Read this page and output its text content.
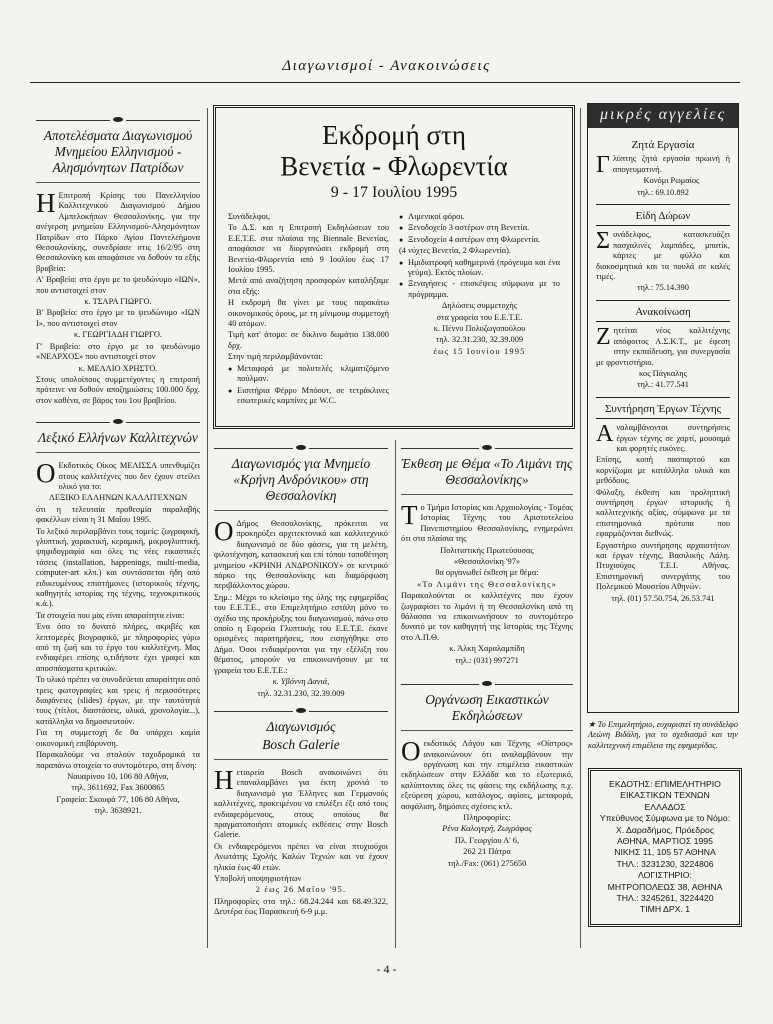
Διαγωνισμοί - Ανακοινώσεις
Αποτελέσματα Διαγωνισμού Μνημείου Ελληνισμού - Αλησμόνητων Πατρίδων

Η Επιτροπή Κρίσης του Πανελληνίου Καλλιτεχνικού Διαγωνισμού Δήμου Αμπελοκήπων Θεσσαλονίκης, για την ανέγερση μνημείου Ελληνισμού-Αλησμόνητων Πατρίδων στο Πάρκο Αγίου Παντελεήμονα Θεσσαλονίκης, συνεδρίασε στις 16/2/95 στη Θεσσαλονίκη και αποφάσισε να δοθούν τα εξής βραβεία:

Α' Βραβείο: στο έργο με το ψευδώνυμο «ΙΩΝ», που αντιστοιχεί στον

κ. ΤΣΑΡΑ ΓΙΩΡΓΟ.

Β' Βραβείο: στο έργο με το ψευδώνυμο «ΙΩΝ Ι», που αντιστοιχεί στον

κ. ΓΕΩΡΓΙΑΔΗ ΓΙΩΡΓΟ.

Γ' Βραβείο: στο έργο με το ψευδώνυμο «ΝΕΑΡΧΟΣ» που αντιστοιχεί στον

κ. ΜΕΛΛΙΟ ΧΡΗΣΤΟ.

Στους υπολοίπους συμμετέχοντες η επιτροπή πρότεινε να δοθούν αποζημιώσεις 100.000 δρχ. στον καθένα, σε βάρος του 1ου βραβείου.

Λεξικό Ελλήνων Καλλιτεχνών

Ο Εκδοτικός Οίκος ΜΕΛΙΣΣΑ υπενθυμίζει στους καλλιτέχνες που δεν έχουν στείλει υλικό για το:

ΛΕΞΙΚΟ ΕΛΛΗΝΩΝ ΚΑΛΛΙΤΕΧΝΩΝ

ότι η τελευταία προθεσμία παραλαβής φακέλλων είναι η 31 Μαΐου 1995.

Το λεξικό περιλαμβάνει τους τομείς: ζωγραφική, γλυπτική, χαρακτική, κεραμική, μικρογλυπτική, ψηφιδογραφία και όλες τις νέες εικαστικές τάσεις (installation, happenings, multi-media, computer-art κλπ.) και συντάσσεται ήδη από ειδικευμένους επιστήμονες (ιστορικούς τέχνης, καθηγητές ιστορίας της τέχνης, τεχνοκριτικούς κ.ά.).

Τα στοιχεία που μας είναι απαραίτητα είναι:

Ένα όσο το δυνατό πλήρες, ακριβές και λεπτομερές βιογραφικό, με πληροφορίες γύρω από τη ζωή και το έργο του καλλιτέχνη. Μας ενδιαφέρει επίσης ο,τιδήποτε έχει γραφεί και αποσπάσματα κριτικών.

Το υλικό πρέπει να συνοδεύεται απαραίτητα από τρεις φωτογραφίες και τρεις ή περισσότερες διαφάνειες (slides) έργων, με την ταυτότητά τους (τίτλοι, διαστάσεις, υλικά, χρονολογία...), κατάλληλα να δημοσιευτούν.

Για τη συμμετοχή δε θα υπάρχει καμία οικονομική επιβάρυνση.

Παρακαλούμε να σταλούν ταχυδρομικά τα παραπάνω στοιχεία το συντομότερο, στη δ/νση:

Ναυαρίνου 10, 106 80 Αθήνα,

τηλ. 3611692, Fax 3600865

Γραφεία: Σκουφά 77, 106 80 Αθήνα,

τηλ. 3638921.

Εκδρομή στη
Βενετία - Φλωρεντία
9 - 17 Ιουλίου 1995

Συνάδελφοι,

Το Δ.Σ. και η Επιτροπή Εκδηλώσεων του Ε.Ε.Τ.Ε. στα πλαίσια της Biennale Βενετίας, αποφάσισε να διοργανώσει εκδρομή στη Βενετία-Φλωρεντία από 9 Ιουλίου έως 17 Ιουλίου 1995.

Μετά από αναζήτηση προσφορών καταλήξαμε στα εξής:

Η εκδρομή θα γίνει με τους παρακάτω οικονομικούς όρους, με τη μίνιμουμ συμμετοχή 40 ατόμων.

Τιμή κατ' άτομο: σε δίκλινο δωμάτιο 138.000 δρχ.

Στην τιμή περιλαμβάνονται:

● Μεταφορά με πολυτελές κλιματιζόμενο πούλμαν.

● Εισιτήρια Φέρρυ Μπόουτ, σε τετράκλινες εσωτερικές καμπίνες με W.C.

● Λιμενικοί φόροι.

● Ξενοδοχείο 3 αστέρων στη Βενετία.

● Ξενοδοχείο 4 αστέρων στη Φλωρεντία.

(4 νύχτες Βενετία, 2 Φλωρεντία).

● Ημιδιατροφή καθημερινά (πρόγευμα και ένα γεύμα). Εκτός πλοίων.

● Ξεναγήσεις - επισκέψεις σύμφωνα με το πρόγραμμα.

Δηλώσεις συμμετοχής

στα γραφεία του Ε.Ε.Τ.Ε.

κ. Πέννυ Πολυζωγοπούλου

τηλ. 32.31.230, 32.39.009

έως 15 Ιουνίου 1995

Διαγωνισμός για Μνημείο «Κρήνη Ανδρόνικου» στη Θεσσαλονίκη

Ο Δήμος Θεσσαλονίκης, πρόκειται να προκηρύξει αρχιτεκτονικό και καλλιτεχνικό διαγωνισμό σε δύο φάσεις, για τη μελέτη, φιλοτέχνηση, κατασκευή και επί τόπου τοποθέτηση μνημείου «ΚΡΗΝΗ ΑΝΔΡΟΝΙΚΟΥ» σε κεντρικό πάρκο της Θεσσαλονίκης και διαμόρφωση περιβάλλοντος χώρου.

Σημ.: Μέχρι το κλείσιμο της ύλης της εφημερίδας του Ε.Ε.Τ.Ε., στο Επιμελητήριο εστάλη μόνο το σχέδιο της προκήρυξης του διαγωνισμού, πάνω στο οποίο η Εφορεία Γλυπτικής του Ε.Ε.Τ.Ε. έκανε ορισμένες παρατηρήσεις, που εισηγήθηκε στο Δήμο. Όσοι ενδιαφέρονται για την εξέλιξη του θέματος, μπορούν να επικοινωνήσουν με τα γραφεία του Ε.Ε.Τ.Ε.:

κ. Υβόννη Δανιά,

τηλ. 32.31.230, 32.39.009

Διαγωνισμός
Bosch Galerie

Ηεταιρεία Bosch ανακοινώνει ότι επαναλαμβάνει για έκτη χρονιά το διαγωνισμό για Έλληνες και Γερμανούς καλλιτέχνες, προκειμένου να επιλέξει έξι από τους ενδιαφερόμενους, στους οποίους θα πραγματοποιήσει ατομικές εκθέσεις στην Bosch Galerie.

Οι ενδιαφερόμενοι πρέπει να είναι πτυχιούχοι Ανωτάτης Σχολής Καλών Τεχνών και να έχουν ηλικία έως 40 ετών.

Υποβολή υποψηφιοτήτων

2 έως 26 Μαΐου '95.

Πληροφορίες στα τηλ.: 68.24.244 και 68.49.322, Δευτέρα έως Παρασκευή 6-9 μ.μ.

Έκθεση με Θέμα «Το Λιμάνι της Θεσσαλονίκης»

Το Τμήμα Ιστορίας και Αρχαιολογίας - Τομέας Ιστορίας Τέχνης του Αριστοτελείου Πανεπιστημίου Θεσσαλονίκης, ενημερώνει ότι στα πλαίσια της

Πολιτιστικής Πρωτεύουσας

«Θεσσαλονίκη '97»

θα οργανωθεί έκθεση με θέμα:

«Το Λιμάνι της Θεσσαλονίκης»

Παρακαλούνται οι καλλιτέχνες που έχουν ζωγραφίσει το λιμάνι ή τη Θεσσαλονίκη από τη θάλασσα να επικοινωνήσουν το συντομότερο δυνατό με τον καθηγητή της Ιστορίας της Τέχνης στο Α.Π.Θ.

κ. Άλκη Χαραλαμπίδη

τηλ.: (031) 997271

Οργάνωση Εικαστικών Εκδηλώσεων

Οεκδοτικός Λόγου και Τέχνης «Οίστρος» ανακοινώνουν ότι αναλαμβάνουν την οργάνωση και την επιμέλεια εικαστικών εκδηλώσεων στην Ελλάδα και το εξωτερικό, καλύπτοντας όλες τις φάσεις της εκδήλωσης π.χ. εξεύρεση χώρου, κατάλογος, αφίσες, μεταφορά, ασφάλιση, δημόσιες σχέσεις κτλ.

Πληροφορίες:

Ρένα Καλογερή, Ζωγράφος

Πλ. Γεωργίου Α' 6,

262 21 Πάτρα

τηλ./Fax: (061) 275650

μικρές αγγελίες
Ζητά Εργασία

Γλύπτης ζητά εργασία πρωινή ή απογευματινή.

Κονόμι Ρωμαίος

τηλ.: 69.10.892

Είδη Δώρων

Συνάδελφος, κατασκευάζει πασχαλινές λαμπάδες, μπατίκ, κάρτες με φύλλο και διακοσμητικά και τα πουλά σε καλές τιμές.

τηλ.: 75.14.390

Ανακοίνωση

Ζητείται νέος καλλιτέχνης απόφοιτος Α.Σ.Κ.Τ., με έφεση στην εκπαίδευση, για συνεργασία με φροντιστήριο.

κος Πάγκαλης

τηλ.: 41.77.541

Συντήρηση Έργων Τέχνης

Αναλαμβάνονται συντηρήσεις έργων τέχνης σε χαρτί, μουσαμά και φορητές εικόνες.

Επίσης, κοπή πασπαρτού και κορνίζωμα με κατάλληλα υλικά και μεθόδους.

Φύλαξη, έκθεση και προληπτική συντήρηση έργων ιστορικής ή καλλιτεχνικής αξίας, σύμφωνα με τα επιστημονικά πρότυπα που εφαρμόζονται διεθνώς.

Εργαστήριο συντήρησης αρχαιοτήτων και έργων τέχνης, Βασιλικής Λάλη. Πτυχιούχος Τ.Ε.Ι. Αθήνας. Επιστημονική συνεργάτης του Πολεμικού Μουσείου Αθηνών.

τηλ. (01) 57.50.754, 26.53.741

★ Το Επιμελητήριο, ευχαριστεί τη συνάδελφο Λεώνη Βιδάλη, για το σχεδιασμό και την καλλιτεχνική επιμέλεια της εφημερίδας.
ΕΚΔΟΤΗΣ: ΕΠΙΜΕΛΗΤΗΡΙΟ
ΕΙΚΑΣΤΙΚΩΝ ΤΕΧΝΩΝ
ΕΛΛΑΔΟΣ
Υπεύθυνος Σύμφωνα με το Νόμο:
Χ. Δαραδήμος, Πρόεδρος
ΑΘΗΝΑ, ΜΑΡΤΙΟΣ 1995
ΝΙΚΗΣ 11, 105 57 ΑΘΗΝΑ
ΤΗΛ.: 3231230, 3224806
ΛΟΓΙΣΤΗΡΙΟ:
ΜΗΤΡΟΠΟΛΕΩΣ 38, ΑΘΗΝΑ
ΤΗΛ.: 3245261, 3224420
ΤΙΜΗ ΔΡΧ. 1
- 4 -
